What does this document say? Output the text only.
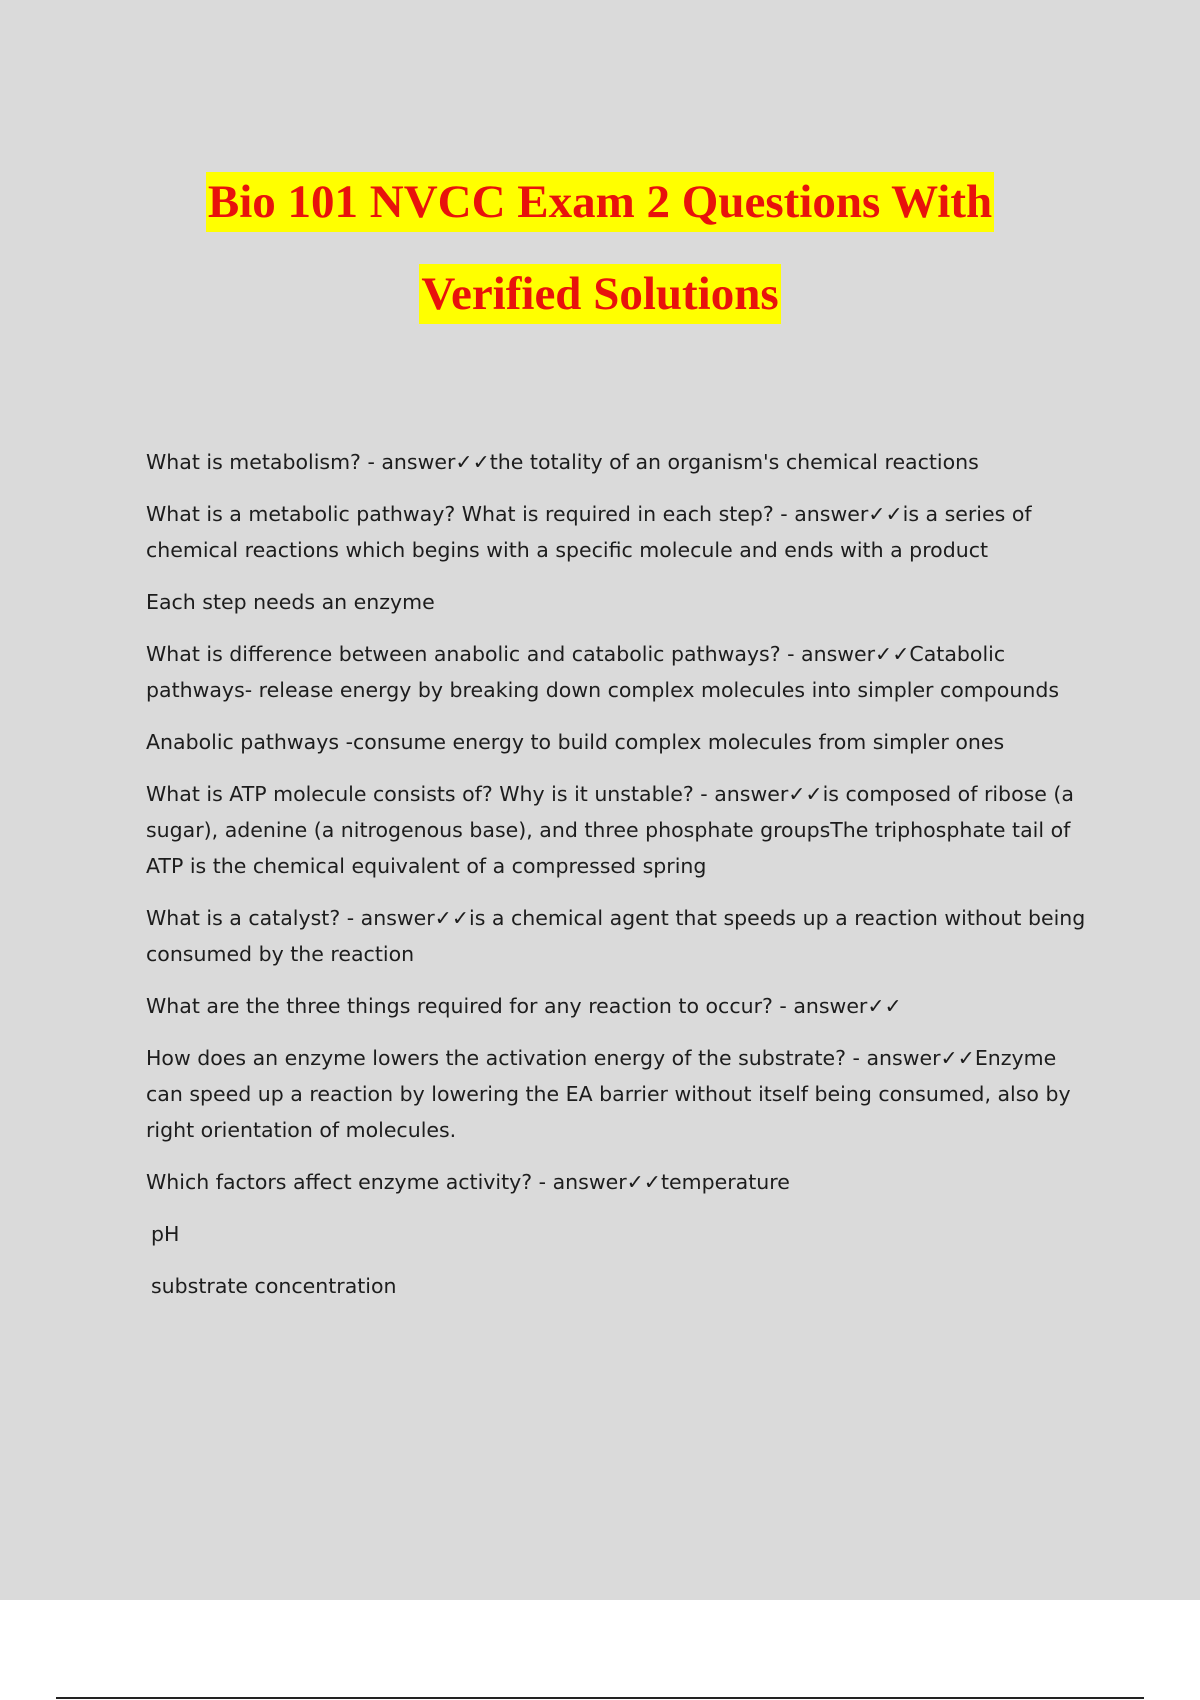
Bio 101 NVCC Exam 2 Questions With
Verified Solutions

What is metabolism? - answer✓✓the totality of an organism's chemical reactions

What is a metabolic pathway? What is required in each step? - answer✓✓is a series of chemical reactions which begins with a specific molecule and ends with a product

Each step needs an enzyme

What is difference between anabolic and catabolic pathways? - answer✓✓Catabolic pathways- release energy by breaking down complex molecules into simpler compounds

Anabolic pathways -consume energy to build complex molecules from simpler ones

What is ATP molecule consists of? Why is it unstable? - answer✓✓is composed of ribose (a sugar), adenine (a nitrogenous base), and three phosphate groupsThe triphosphate tail of ATP is the chemical equivalent of a compressed spring

What is a catalyst? - answer✓✓is a chemical agent that speeds up a reaction without being consumed by the reaction

What are the three things required for any reaction to occur? - answer✓✓

How does an enzyme lowers the activation energy of the substrate? - answer✓✓Enzyme can speed up a reaction by lowering the EA barrier without itself being consumed, also by right orientation of molecules.

Which factors affect enzyme activity? - answer✓✓temperature

pH

substrate concentration
